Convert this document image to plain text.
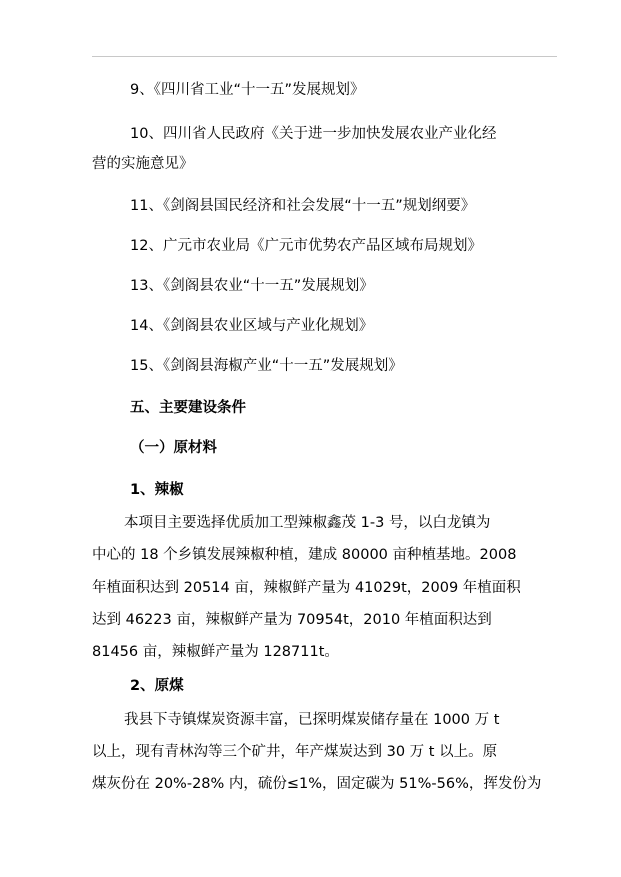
9、《四川省工业“十一五”发展规划》
10、四川省人民政府《关于进一步加快发展农业产业化经
营的实施意见》
11、《剑阁县国民经济和社会发展“十一五”规划纲要》
12、广元市农业局《广元市优势农产品区域布局规划》
13、《剑阁县农业“十一五”发展规划》
14、《剑阁县农业区域与产业化规划》
15、《剑阁县海椒产业“十一五”发展规划》
五、主要建设条件
（一）原材料
1、辣椒
本项目主要选择优质加工型辣椒鑫茂 1-3 号，以白龙镇为
中心的 18 个乡镇发展辣椒种植，建成 80000 亩种植基地。2008
年植面积达到 20514 亩，辣椒鲜产量为 41029t，2009 年植面积
达到 46223 亩，辣椒鲜产量为 70954t，2010 年植面积达到
81456 亩，辣椒鲜产量为 128711t。
2、原煤
我县下寺镇煤炭资源丰富，已探明煤炭储存量在 1000 万 t
以上，现有青林沟等三个矿井，年产煤炭达到 30 万 t 以上。原
煤灰份在 20%-28% 内，硫份≤1%，固定碳为 51%-56%，挥发份为
